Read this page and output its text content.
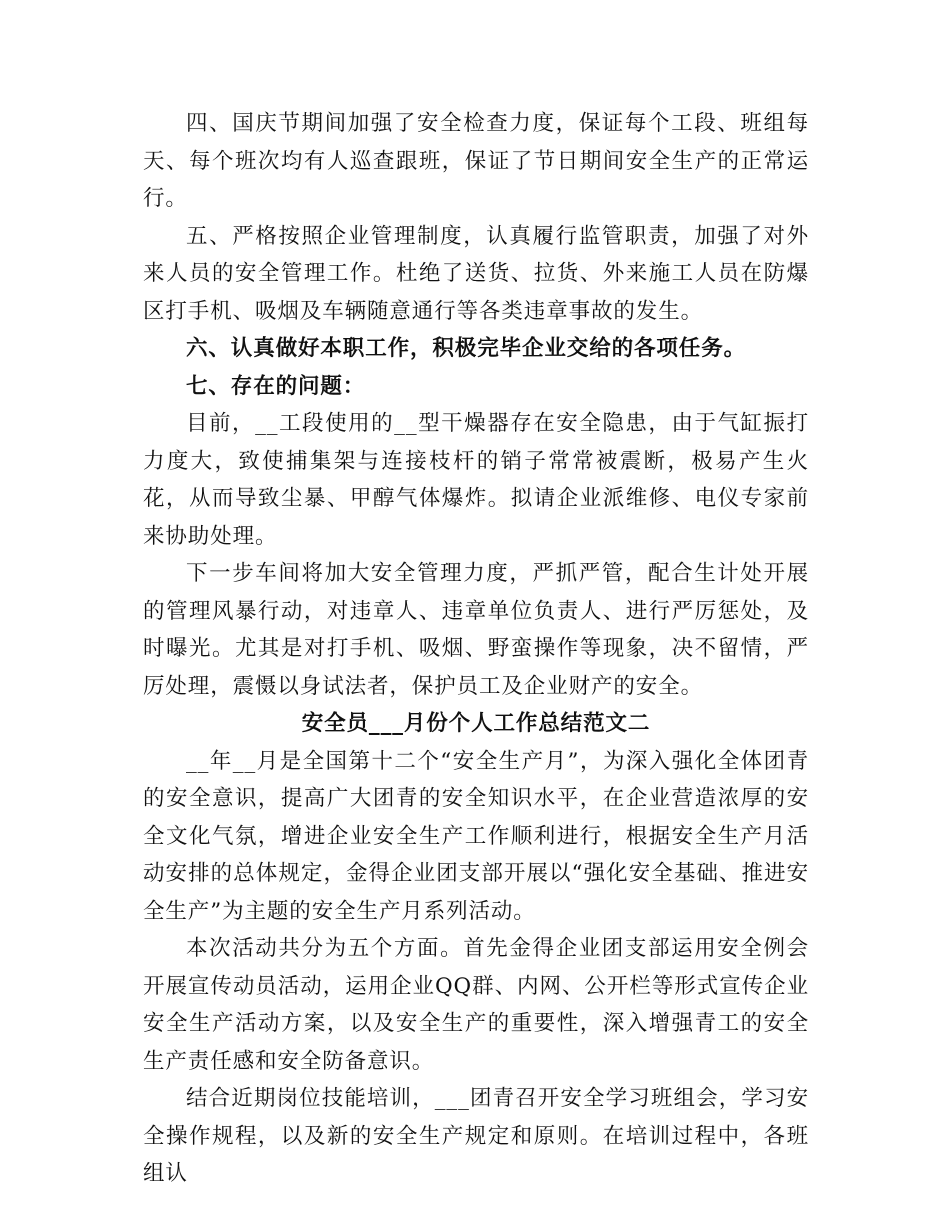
四、国庆节期间加强了安全检查力度，保证每个工段、班组每天、每个班次均有人巡查跟班，保证了节日期间安全生产的正常运行。

五、严格按照企业管理制度，认真履行监管职责，加强了对外来人员的安全管理工作。杜绝了送货、拉货、外来施工人员在防爆区打手机、吸烟及车辆随意通行等各类违章事故的发生。

六、认真做好本职工作，积极完毕企业交给的各项任务。

七、存在的问题：

目前，__工段使用的__型干燥器存在安全隐患，由于气缸振打力度大，致使捕集架与连接枝杆的销子常常被震断，极易产生火花，从而导致尘暴、甲醇气体爆炸。拟请企业派维修、电仪专家前来协助处理。

下一步车间将加大安全管理力度，严抓严管，配合生计处开展的管理风暴行动，对违章人、违章单位负责人、进行严厉惩处，及时曝光。尤其是对打手机、吸烟、野蛮操作等现象，决不留情，严厉处理，震慑以身试法者，保护员工及企业财产的安全。

安全员___月份个人工作总结范文二

__年__月是全国第十二个“安全生产月”，为深入强化全体团青的安全意识，提高广大团青的安全知识水平，在企业营造浓厚的安全文化气氛，增进企业安全生产工作顺利进行，根据安全生产月活动安排的总体规定，金得企业团支部开展以“强化安全基础、推进安全生产”为主题的安全生产月系列活动。

本次活动共分为五个方面。首先金得企业团支部运用安全例会开展宣传动员活动，运用企业QQ群、内网、公开栏等形式宣传企业安全生产活动方案，以及安全生产的重要性，深入增强青工的安全生产责任感和安全防备意识。

结合近期岗位技能培训，___团青召开安全学习班组会，学习安全操作规程，以及新的安全生产规定和原则。在培训过程中，各班组认
